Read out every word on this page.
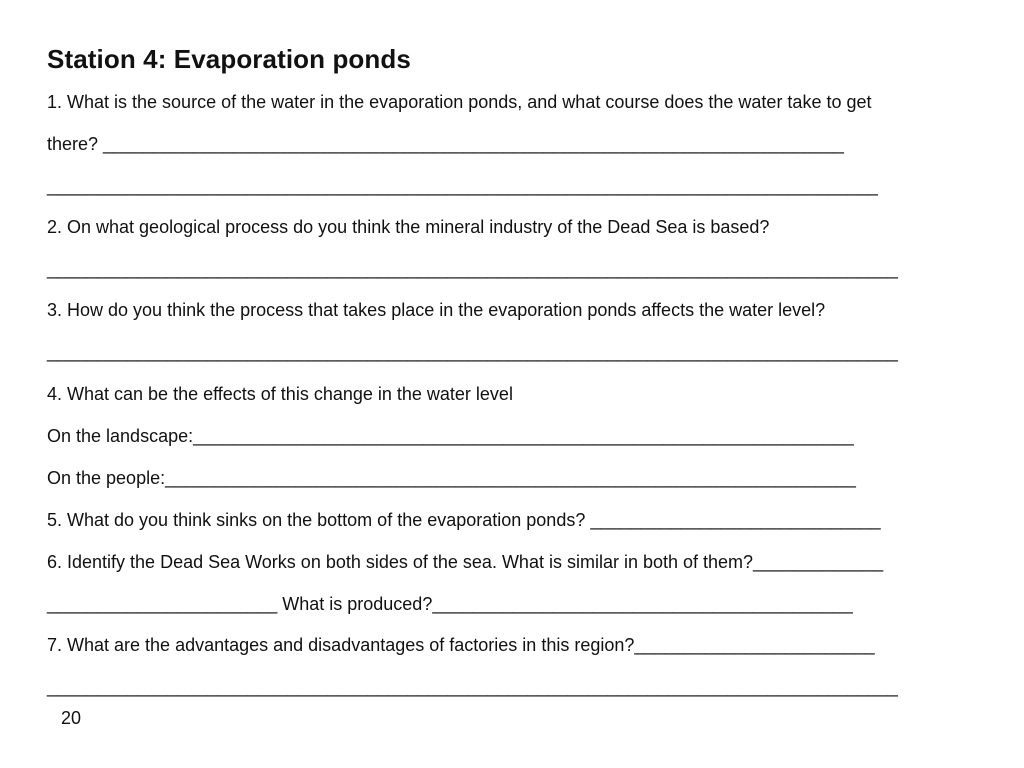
Station 4: Evaporation ponds
1. What is the source of the water in the evaporation ponds, and what course does the water take to get
there? __________________________________________________________________________
___________________________________________________________________________________
2. On what geological process do you think the mineral industry of the Dead Sea is based?
_____________________________________________________________________________________
3. How do you think the process that takes place in the evaporation ponds affects the water level?
_____________________________________________________________________________________
4. What can be the effects of this change in the water level
On the landscape:__________________________________________________________________
On the people:_____________________________________________________________________
5. What do you think sinks on the bottom of the evaporation ponds? _____________________________
6. Identify the Dead Sea Works on both sides of the sea. What is similar in both of them?_____________
_______________________ What is produced?__________________________________________
7. What are the advantages and disadvantages of factories in this region?________________________
_____________________________________________________________________________________
20
